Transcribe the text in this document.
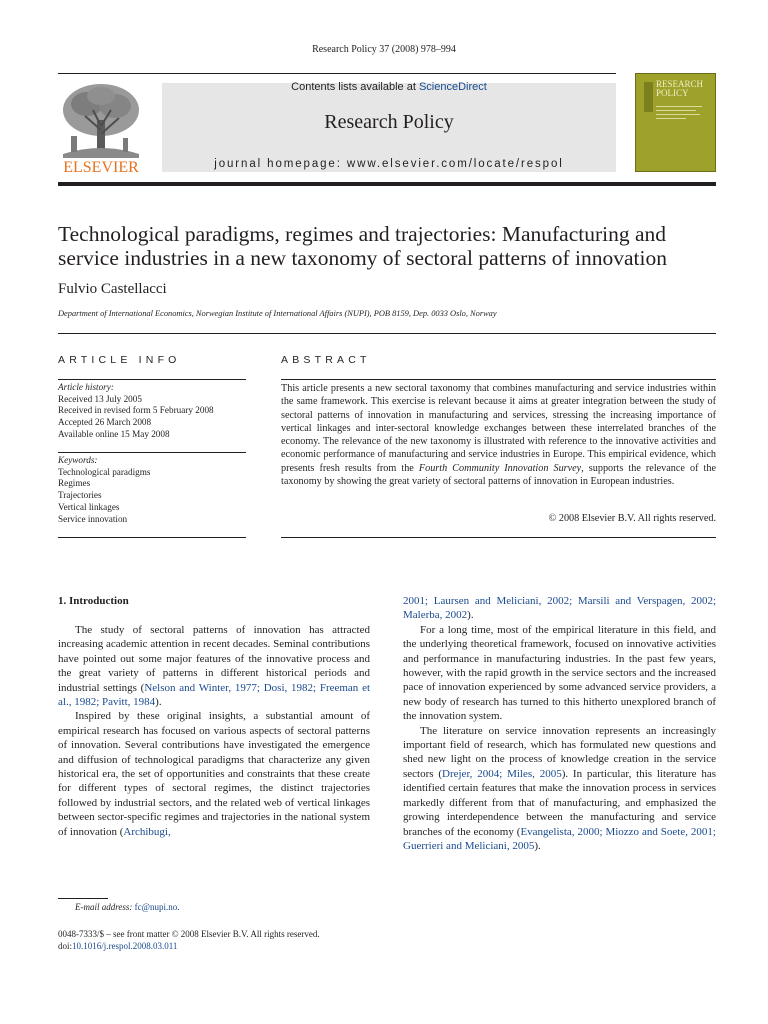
Research Policy 37 (2008) 978–994
ELSEVIER
Contents lists available at ScienceDirect
Research Policy
journal homepage: www.elsevier.com/locate/respol
RESEARCH POLICY
Technological paradigms, regimes and trajectories: Manufacturing and
service industries in a new taxonomy of sectoral patterns of innovation
Fulvio Castellacci
Department of International Economics, Norwegian Institute of International Affairs (NUPI), POB 8159, Dep. 0033 Oslo, Norway
ARTICLE INFO
Article history:
Received 13 July 2005
Received in revised form 5 February 2008
Accepted 26 March 2008
Available online 15 May 2008
Keywords:
Technological paradigms
Regimes
Trajectories
Vertical linkages
Service innovation
ABSTRACT
This article presents a new sectoral taxonomy that combines manufacturing and service industries within the same framework. This exercise is relevant because it aims at greater integration between the study of sectoral patterns of innovation in manufacturing and services, stressing the increasing importance of vertical linkages and inter-sectoral knowledge exchanges between these interrelated branches of the economy. The relevance of the new taxonomy is illustrated with reference to the innovative activities and economic performance of manufacturing and service industries in Europe. This empirical evidence, which presents fresh results from the Fourth Community Innovation Survey, supports the relevance of the taxonomy by showing the great variety of sectoral patterns of innovation in European industries.
© 2008 Elsevier B.V. All rights reserved.
1. Introduction

The study of sectoral patterns of innovation has attracted increasing academic attention in recent decades. Seminal contributions have pointed out some major features of the innovative process and the great variety of patterns in different historical periods and industrial settings (Nelson and Winter, 1977; Dosi, 1982; Freeman et al., 1982; Pavitt, 1984).

Inspired by these original insights, a substantial amount of empirical research has focused on various aspects of sectoral patterns of innovation. Several contributions have investigated the emergence and diffusion of technological paradigms that characterize any given historical era, the set of opportunities and constraints that these create for different types of sectoral regimes, the distinct trajectories followed by industrial sectors, and the related web of vertical linkages between sector-specific regimes and trajectories in the national system of innovation (Archibugi,

2001; Laursen and Meliciani, 2002; Marsili and Verspagen, 2002; Malerba, 2002).

For a long time, most of the empirical literature in this field, and the underlying theoretical framework, focused on innovative activities and performance in manufacturing industries. In the past few years, however, with the rapid growth in the service sectors and the increased pace of innovation experienced by some advanced service providers, a new body of research has turned to this hitherto unexplored branch of the innovation system.

The literature on service innovation represents an increasingly important field of research, which has formulated new questions and shed new light on the process of knowledge creation in the service sectors (Drejer, 2004; Miles, 2005). In particular, this literature has identified certain features that make the innovation process in services markedly different from that of manufacturing, and emphasized the growing interdependence between the manufacturing and service branches of the economy (Evangelista, 2000; Miozzo and Soete, 2001; Guerrieri and Meliciani, 2005).

E-mail address: fc@nupi.no.
0048-7333/$ – see front matter © 2008 Elsevier B.V. All rights reserved.
doi:10.1016/j.respol.2008.03.011
